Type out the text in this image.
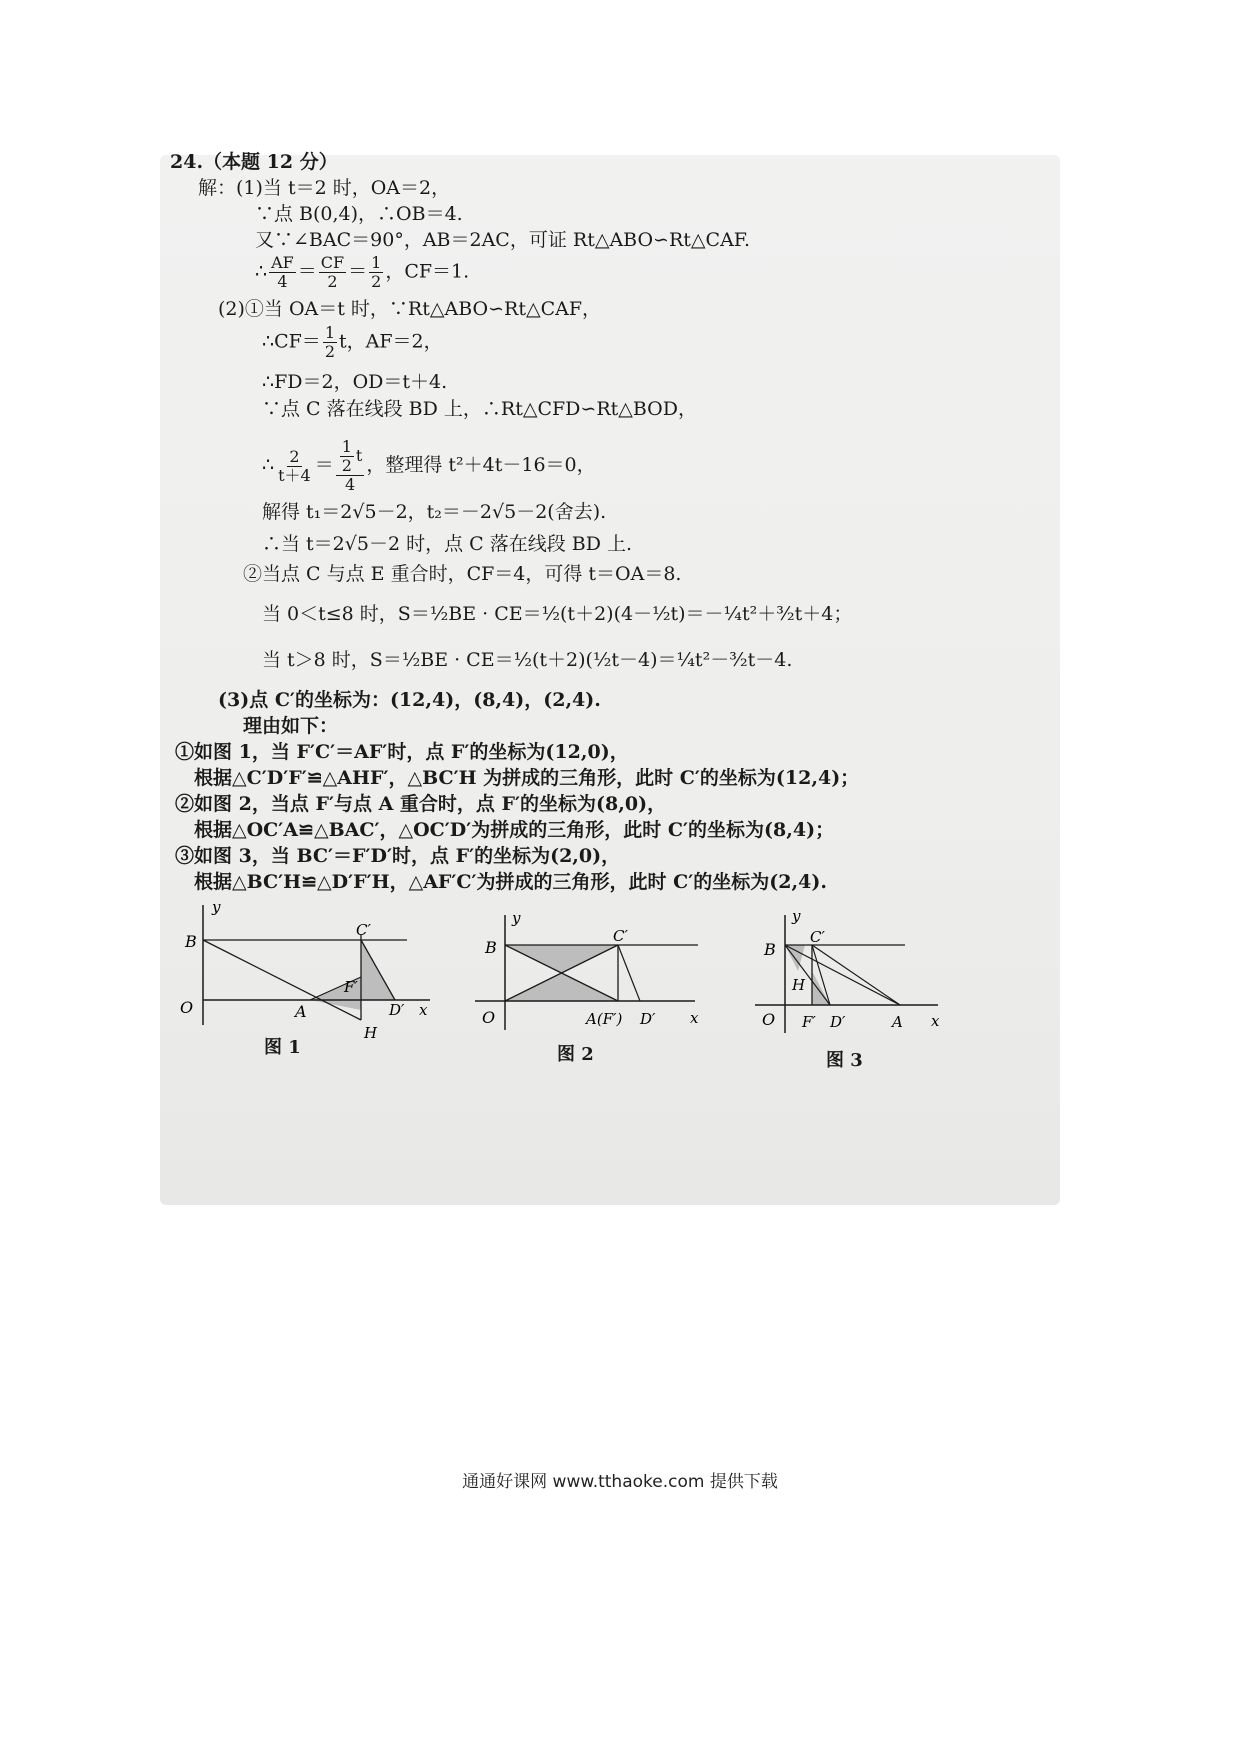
24.（本题 12 分）
解：(1)当 t＝2 时，OA＝2，
∵点 B(0,4)，∴OB＝4.
又∵∠BAC＝90°，AB＝2AC，可证 Rt△ABO∽Rt△CAF.
∴ $\frac{AF}{4} = \frac{CF}{2} = \frac{1}{2}$ ，CF＝1.
(2)①当 OA＝t 时，∵Rt△ABO∽Rt△CAF，
∴CF＝ $\frac{1}{2}$ t，AF＝2，
∴FD＝2，OD＝t＋4.
∵点 C 落在线段 BD 上，∴Rt△CFD∽Rt△BOD，
∴ $\frac{2}{t+4} = \frac{\frac{1}{2} t}{4}$ ，整理得 t²＋4t－16＝0，
解得 t₁＝2√5－2，t₂＝－2√5－2(舍去).
∴当 t＝2√5－2 时，点 C 落在线段 BD 上.
②当点 C 与点 E 重合时，CF＝4，可得 t＝OA＝8.
当 0＜t≤8 时，S＝½BE · CE＝½(t＋2)(4－½t)＝－¼t²＋³⁄₂t＋4；
当 t＞8 时，S＝½BE · CE＝½(t＋2)(½t－4)＝¼t²－³⁄₂t－4.
(3)点 C′的坐标为：(12,4)，(8,4)，(2,4).
理由如下：
①如图 1，当 F′C′＝AF′时，点 F′的坐标为(12,0)，
根据△C′D′F′≌△AHF′，△BC′H 为拼成的三角形，此时 C′的坐标为(12,4)；
②如图 2，当点 F′与点 A 重合时，点 F′的坐标为(8,0)，
根据△OC′A≌△BAC′，△OC′D′为拼成的三角形，此时 C′的坐标为(8,4)；
③如图 3，当 BC′＝F′D′时，点 F′的坐标为(2,0)，
根据△BC′H≌△D′F′H，△AF′C′为拼成的三角形，此时 C′的坐标为(2,4).
y
B
O	A
C′
F′
D′
H
x
图 1
y
B
O
C′
A(F′) D′ x
图 2
y
B
O
C′
H
F′ D′	A x
图 3
通通好课网 www.tthaoke.com 提供下载
